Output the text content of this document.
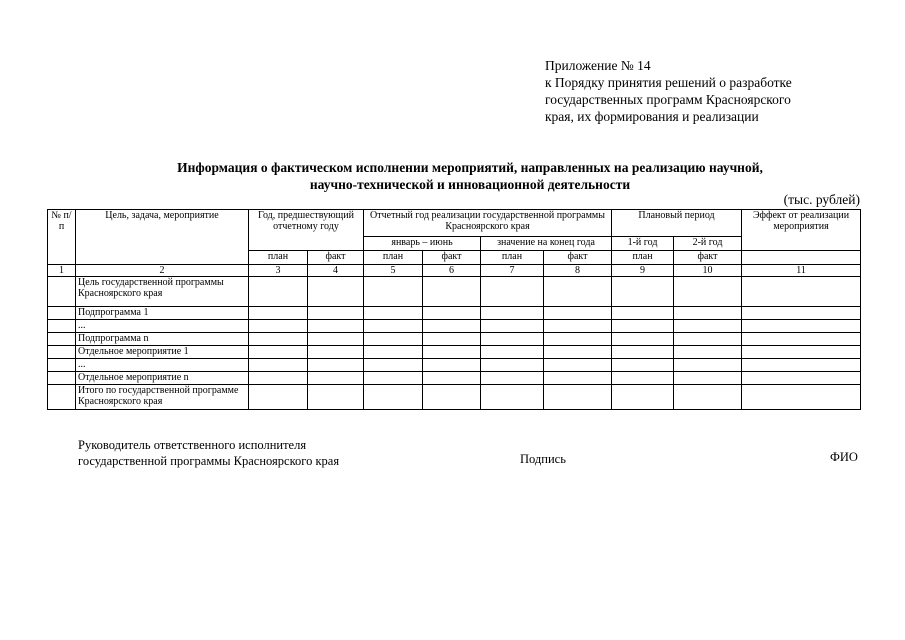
Приложение № 14
к Порядку принятия решений о разработке
государственных программ Красноярского
края, их формирования и реализации
Информация о фактическом исполнении мероприятий, направленных на реализацию научной,
научно-технической и инновационной деятельности
(тыс. рублей)
№ п/п	Цель, задача, мероприятие	Год, предшествующий отчетному году		Отчетный год реализации государственной программы Красноярского края				Плановый период		Эффект от реализации мероприятия

				январь – июнь		значение на конец года		1-й год	2-й год	
		план	факт	план	факт	план	факт	план	факт	
1	2	3	4	5	6	7	8	9	10	11
	Цель государственной программы Красноярского края									
	Подпрограмма 1									
	...									
	Подпрограмма n									
	Отдельное мероприятие 1									
	...									
	Отдельное мероприятие n									
	Итого по государственной программе Красноярского края									
Руководитель ответственного исполнителя
государственной программы Красноярского края	Подпись	ФИО
